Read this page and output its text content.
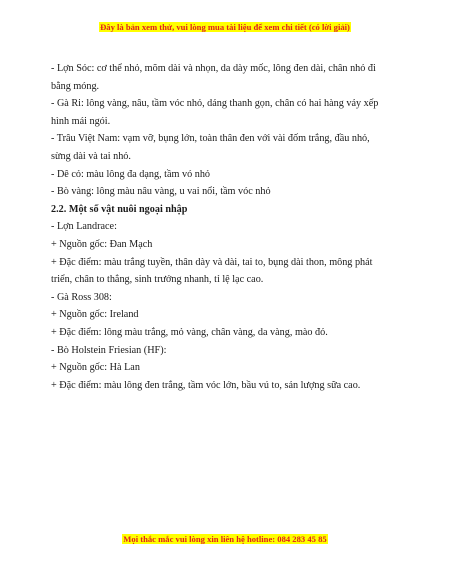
Đây là bản xem thử, vui lòng mua tài liệu để xem chi tiết (có lời giải)
- Lợn Sóc: cơ thể nhỏ, mõm dài và nhọn, da dày mốc, lông đen dài, chân nhỏ đi
bằng móng.
- Gà Ri: lông vàng, nâu, tầm vóc nhỏ, dáng thanh gọn, chân có hai hàng vảy xếp
hình mái ngói.
- Trâu Việt Nam: vạm vỡ, bụng lớn, toàn thân đen với vài đốm trắng, đầu nhỏ,
sừng dài và tai nhỏ.
- Dê cỏ: màu lông đa dạng, tầm vó nhỏ
- Bò vàng: lông màu nâu vàng, u vai nổi, tầm vóc nhỏ
2.2. Một số vật nuôi ngoại nhập
- Lợn Landrace:
+ Nguồn gốc: Đan Mạch
+ Đặc điểm: màu trắng tuyền, thân dày và dài, tai to, bụng dài thon, mông phát
triển, chân to thẳng, sinh trưởng nhanh, tỉ lệ lạc cao.
- Gà Ross 308:
+ Nguồn gốc: Ireland
+ Đặc điểm: lông màu trắng, mỏ vàng, chân vàng, da vàng, mào đỏ.
- Bò Holstein Friesian (HF):
+ Nguồn gốc: Hà Lan
+ Đặc điểm: màu lông đen trắng, tầm vóc lớn, bầu vú to, sản lượng sữa cao.
Mọi thắc mắc vui lòng xin liên hệ hotline: 084 283 45 85
